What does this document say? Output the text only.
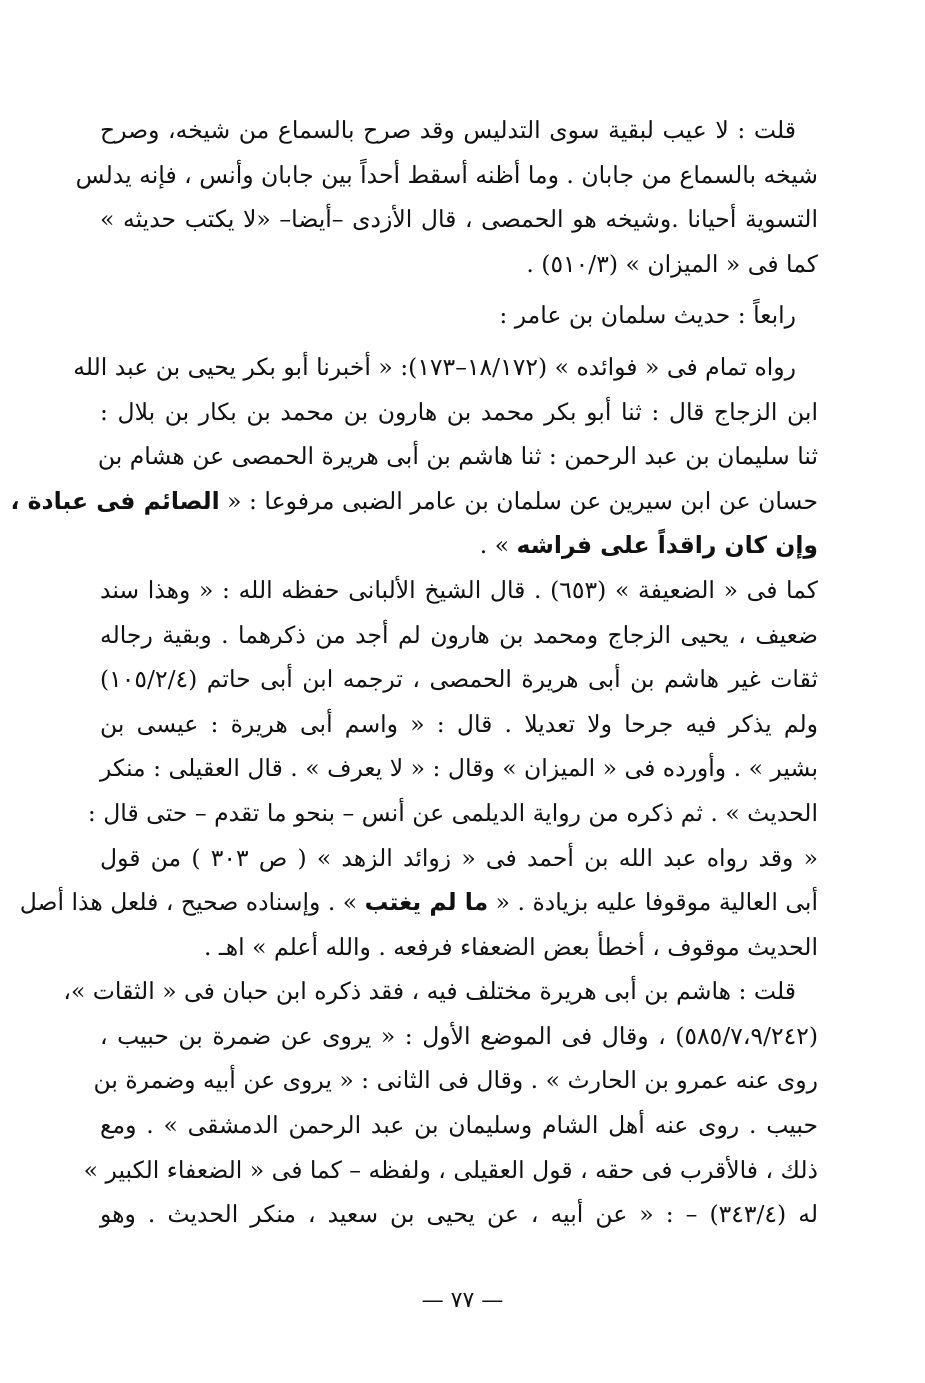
قلت : لا عيب لبقية سوى التدليس وقد صرح بالسماع من شيخه، وصرح
شيخه بالسماع من جابان . وما أظنه أسقط أحداً بين جابان وأنس ، فإنه يدلس
التسوية أحيانا .وشيخه هو الحمصى ، قال الأزدى –أيضا– «لا يكتب حديثه »
كما فى « الميزان » (٥١٠/٣) .
رابعاً : حديث سلمان بن عامر :
رواه تمام فى « فوائده » (١٨/١٧٢–١٧٣): « أخبرنا أبو بكر يحيى بن عبد الله
ابن الزجاج قال : ثنا أبو بكر محمد بن هارون بن محمد بن بكار بن بلال :
ثنا سليمان بن عبد الرحمن : ثنا هاشم بن أبى هريرة الحمصى عن هشام بن
حسان عن ابن سيرين عن سلمان بن عامر الضبى مرفوعا : « الصائم فى عبادة ،
وإن كان راقداً على فراشه » .
كما فى « الضعيفة » (٦٥٣) . قال الشيخ الألبانى حفظه الله : « وهذا سند
ضعيف ، يحيى الزجاج ومحمد بن هارون لم أجد من ذكرهما . وبقية رجاله
ثقات غير هاشم بن أبى هريرة الحمصى ، ترجمه ابن أبى حاتم (١٠٥/٢/٤)
ولم يذكر فيه جرحا ولا تعديلا . قال : « واسم أبى هريرة : عيسى بن
بشير » . وأورده فى « الميزان » وقال : « لا يعرف » . قال العقيلى : منكر
الحديث » . ثم ذكره من رواية الديلمى عن أنس – بنحو ما تقدم – حتى قال :
« وقد رواه عبد الله بن أحمد فى « زوائد الزهد » ( ص ٣٠٣ ) من قول
أبى العالية موقوفا عليه بزيادة . « ما لم يغتب » . وإسناده صحيح ، فلعل هذا أصل
الحديث موقوف ، أخطأ بعض الضعفاء فرفعه . والله أعلم » اهـ .
قلت : هاشم بن أبى هريرة مختلف فيه ، فقد ذكره ابن حبان فى « الثقات »،
(٥٨٥/٧،٩/٢٤٢) ، وقال فى الموضع الأول : « يروى عن ضمرة بن حبيب ،
روى عنه عمرو بن الحارث » . وقال فى الثانى : « يروى عن أبيه وضمرة بن
حبيب . روى عنه أهل الشام وسليمان بن عبد الرحمن الدمشقى » . ومع
ذلك ، فالأقرب فى حقه ، قول العقيلى ، ولفظه – كما فى « الضعفاء الكبير »
له (٣٤٣/٤) – : « عن أبيه ، عن يحيى بن سعيد ، منكر الحديث . وهو
— ٧٧ —
